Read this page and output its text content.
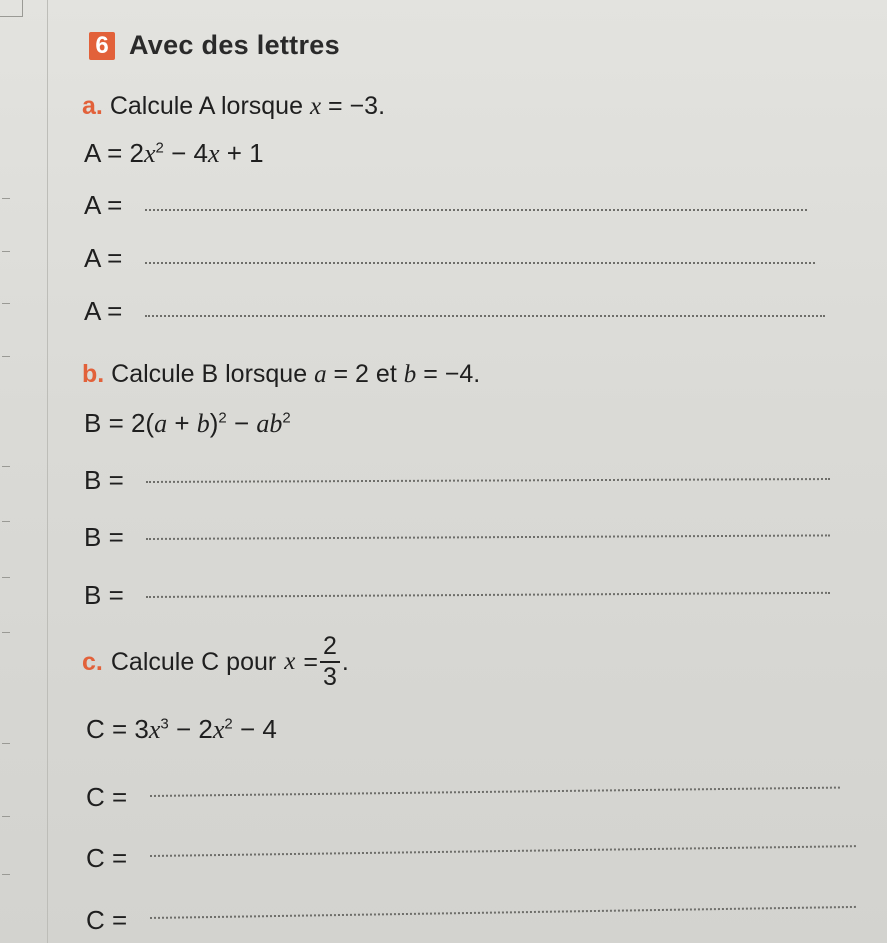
6 Avec des lettres
a. Calcule A lorsque x = −3.
$A = 2x^2 - 4x + 1$
A =
A =
A =
b. Calcule B lorsque a = 2 et b = −4.
$B = 2(a + b)^2 - ab^2$
B =
B =
B =
c. Calcule C pour $x = \frac{2}{3}$ .
$C = 3x^3 - 2x^2 - 4$
C =
C =
C =
